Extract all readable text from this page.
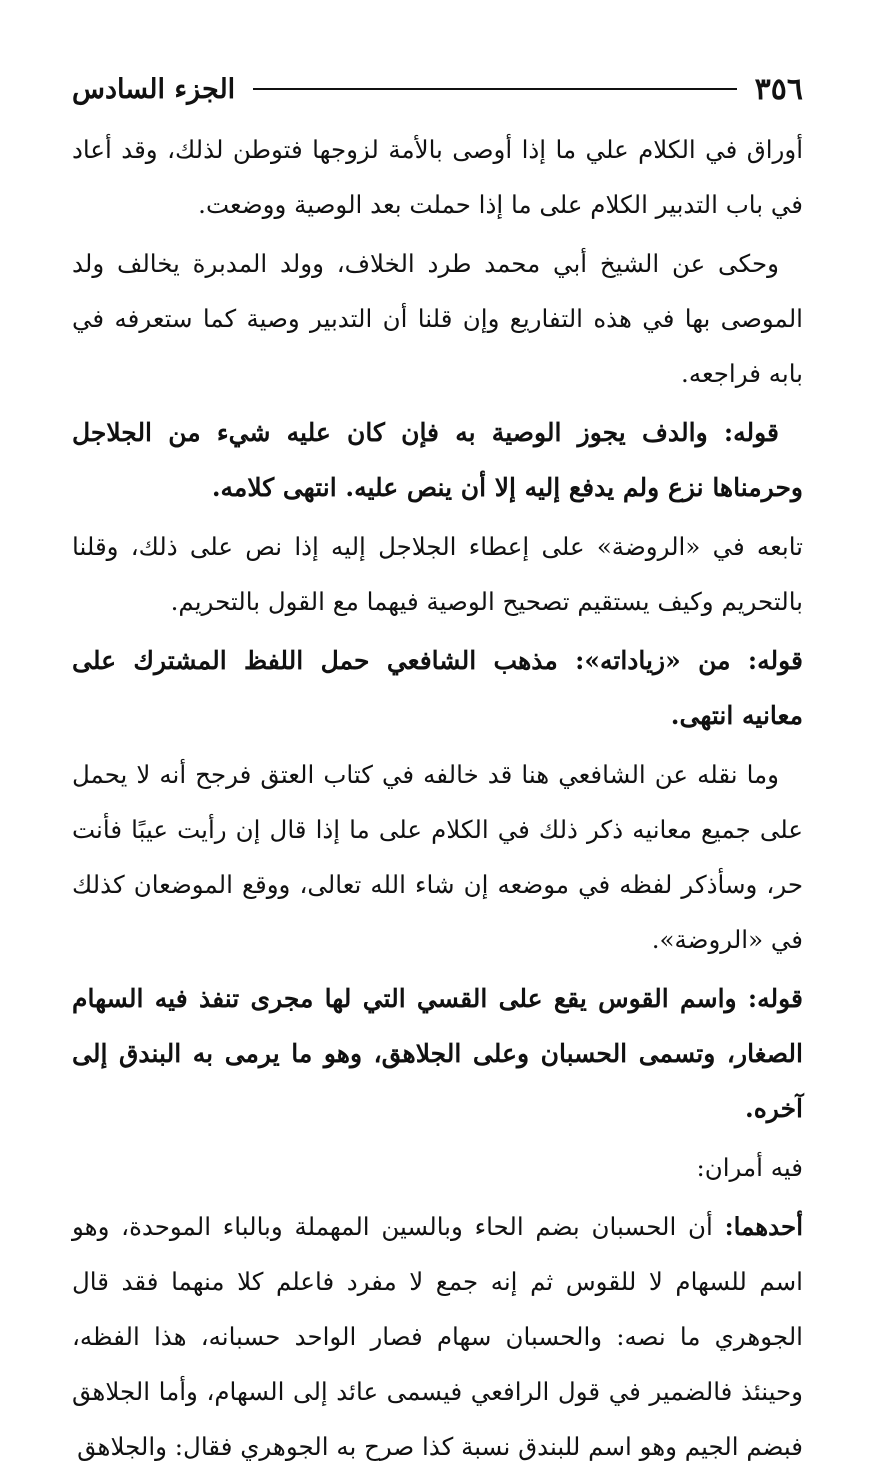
٣٥٦
الجزء السادس

أوراق في الكلام علي ما إذا أوصى بالأمة لزوجها فتوطن لذلك، وقد أعاد في باب التدبير الكلام على ما إذا حملت بعد الوصية ووضعت.

وحكى عن الشيخ أبي محمد طرد الخلاف، وولد المدبرة يخالف ولد الموصى بها في هذه التفاريع وإن قلنا أن التدبير وصية كما ستعرفه في بابه فراجعه.

قوله: والدف يجوز الوصية به فإن كان عليه شيء من الجلاجل وحرمناها نزع ولم يدفع إليه إلا أن ينص عليه. انتهى كلامه.

تابعه في «الروضة» على إعطاء الجلاجل إليه إذا نص على ذلك، وقلنا بالتحريم وكيف يستقيم تصحيح الوصية فيهما مع القول بالتحريم.

قوله: من «زياداته»: مذهب الشافعي حمل اللفظ المشترك على معانيه انتهى.

وما نقله عن الشافعي هنا قد خالفه في كتاب العتق فرجح أنه لا يحمل على جميع معانيه ذكر ذلك في الكلام على ما إذا قال إن رأيت عيبًا فأنت حر، وسأذكر لفظه في موضعه إن شاء الله تعالى، ووقع الموضعان كذلك في «الروضة».

قوله: واسم القوس يقع على القسي التي لها مجرى تنفذ فيه السهام الصغار، وتسمى الحسبان وعلى الجلاهق، وهو ما يرمى به البندق إلى آخره.

فيه أمران:

أحدهما: أن الحسبان بضم الحاء وبالسين المهملة وبالباء الموحدة، وهو اسم للسهام لا للقوس ثم إنه جمع لا مفرد فاعلم كلا منهما فقد قال الجوهري ما نصه: والحسبان سهام فصار الواحد حسبانه، هذا الفظه، وحينئذ فالضمير في قول الرافعي فيسمى عائد إلى السهام، وأما الجلاهق فبضم الجيم وهو اسم للبندق نسبة كذا صرح به الجوهري فقال: والجلاهق
